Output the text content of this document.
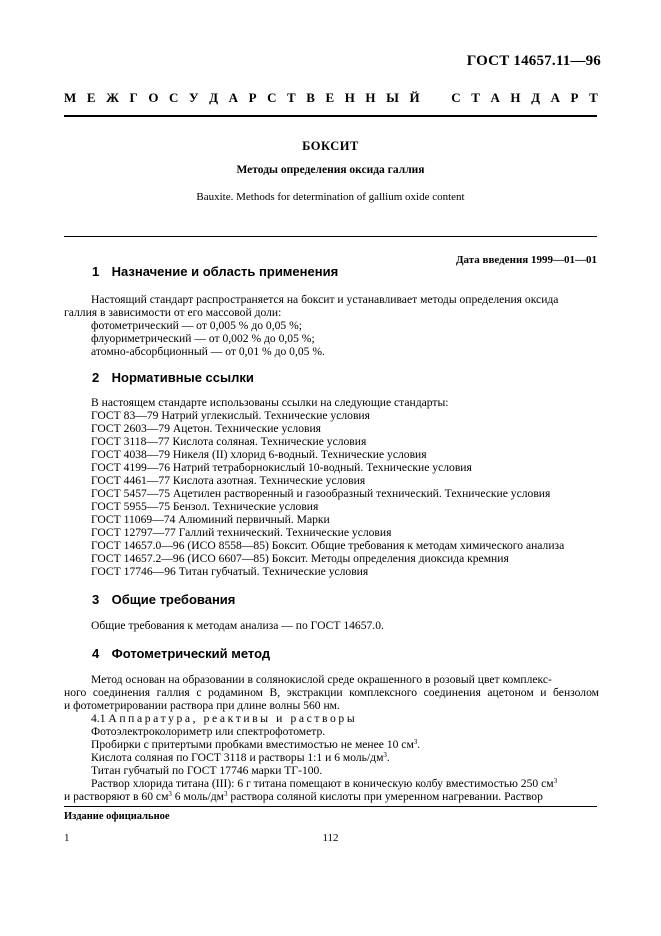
ГОСТ 14657.11—96
М Е Ж Г О С У Д А Р С Т В Е Н Н Ы Й С Т А Н Д А Р Т
БОКСИТ
Методы определения оксида галлия
Bauxite. Methods for determination of gallium oxide content
Дата введения 1999—01—01
1 Назначение и область применения
Настоящий стандарт распространяется на боксит и устанавливает методы определения оксида
галлия в зависимости от его массовой доли:
фотометрический — от 0,005 % до 0,05 %;
флуориметрический — от 0,002 % до 0,05 %;
атомно-абсорбционный — от 0,01 % до 0,05 %.
2 Нормативные ссылки
В настоящем стандарте использованы ссылки на следующие стандарты:
ГОСТ 83—79 Натрий углекислый. Технические условия
ГОСТ 2603—79 Ацетон. Технические условия
ГОСТ 3118—77 Кислота соляная. Технические условия
ГОСТ 4038—79 Никеля (II) хлорид 6-водный. Технические условия
ГОСТ 4199—76 Натрий тетраборнокислый 10-водный. Технические условия
ГОСТ 4461—77 Кислота азотная. Технические условия
ГОСТ 5457—75 Ацетилен растворенный и газообразный технический. Технические условия
ГОСТ 5955—75 Бензол. Технические условия
ГОСТ 11069—74 Алюминий первичный. Марки
ГОСТ 12797—77 Галлий технический. Технические условия
ГОСТ 14657.0—96 (ИСО 8558—85) Боксит. Общие требования к методам химического анализа
ГОСТ 14657.2—96 (ИСО 6607—85) Боксит. Методы определения диоксида кремния
ГОСТ 17746—96 Титан губчатый. Технические условия
3 Общие требования
Общие требования к методам анализа — по ГОСТ 14657.0.
4 Фотометрический метод
Метод основан на образовании в солянокислой среде окрашенного в розовый цвет комплекс-
ного соединения галлия с родамином В, экстракции комплексного соединения ацетоном и бензолом
и фотометрировании раствора при длине волны 560 нм.
4.1 Аппаратура, реактивы и растворы
Фотоэлектроколориметр или спектрофотометр.
Пробирки с притертыми пробками вместимостью не менее 10 $см^3$.
Кислота соляная по ГОСТ 3118 и растворы 1:1 и 6 моль/$дм^3$.
Титан губчатый по ГОСТ 17746 марки ТГ-100.
Раствор хлорида титана (III): 6 г титана помещают в коническую колбу вместимостью 250 $см^3$
и растворяют в 60 $см^3$ 6 моль/$дм^3$ раствора соляной кислоты при умеренном нагревании. Раствор
Издание официальное
1	112
